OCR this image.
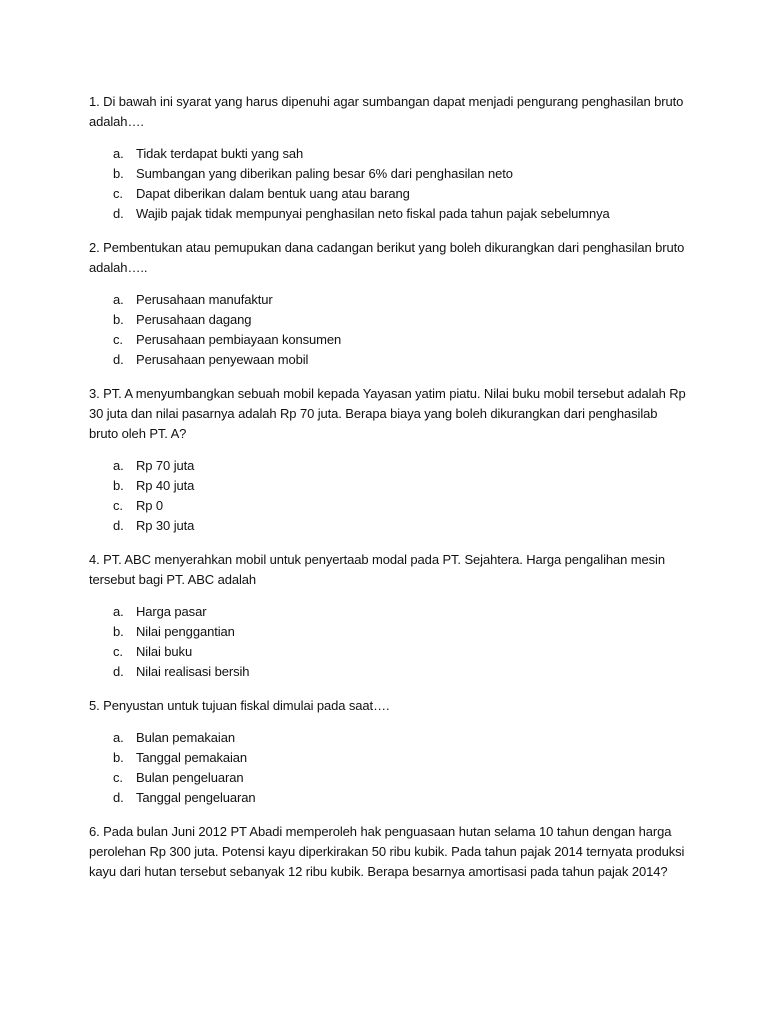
1. Di bawah ini syarat yang harus dipenuhi agar sumbangan dapat menjadi pengurang penghasilan bruto adalah….

a. Tidak terdapat bukti yang sah
b. Sumbangan yang diberikan paling besar 6% dari penghasilan neto
c.	Dapat diberikan dalam bentuk uang atau barang
d. Wajib pajak tidak mempunyai penghasilan neto fiskal pada tahun pajak sebelumnya

2. Pembentukan atau pemupukan dana cadangan berikut yang boleh dikurangkan dari penghasilan bruto adalah…..

a. Perusahaan manufaktur
b. Perusahaan dagang
c.	Perusahaan pembiayaan konsumen
d. Perusahaan penyewaan mobil

3. PT. A menyumbangkan sebuah mobil kepada Yayasan yatim piatu. Nilai buku mobil tersebut adalah Rp 30 juta dan nilai pasarnya adalah Rp 70 juta. Berapa biaya yang boleh dikurangkan dari penghasilab bruto oleh PT. A?

a. Rp 70 juta
b. Rp 40 juta
c.	Rp 0
d. Rp 30 juta

4. PT. ABC menyerahkan mobil untuk penyertaab modal pada PT. Sejahtera. Harga pengalihan mesin tersebut bagi PT. ABC adalah

a. Harga pasar
b. Nilai penggantian
c.	Nilai buku
d. Nilai realisasi bersih

5. Penyustan untuk tujuan fiskal dimulai pada saat….

a. Bulan pemakaian
b. Tanggal pemakaian
c.	Bulan pengeluaran
d. Tanggal pengeluaran

6. Pada bulan Juni 2012 PT Abadi memperoleh hak penguasaan hutan selama 10 tahun dengan harga perolehan Rp 300 juta. Potensi kayu diperkirakan 50 ribu kubik. Pada tahun pajak 2014 ternyata produksi kayu dari hutan tersebut sebanyak 12 ribu kubik. Berapa besarnya amortisasi pada tahun pajak 2014?
